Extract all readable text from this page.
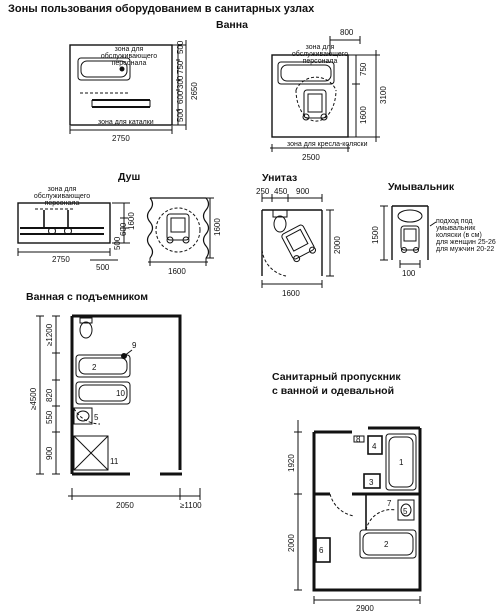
Зоны пользования оборудованием в санитарных узлах
Ванна
зона для обслуживающего персонала
зона для каталки
зона для обслуживающего персонала
зона для кресла-коляски
Душ
зона для обслуживающего персонала
Унитаз
Умывальник
подход под
умывальник
коляски (в см)
для женщин 25-26
для мужчин 20-22
Ванная с подъемником
Санитарный пропускник
с ванной и одевальной
500
750
300
600
500
2650
2750
800
750
1600
3100
2500
1600
600
500
2750
500
1600
1600
250 450 900
2000
1600
1500
100
≥1200
820
550
900
≥4500
2050	≥1100
9
2
10
5
11	1920
2000
2900
8
4
1
3
7
5
6
2
